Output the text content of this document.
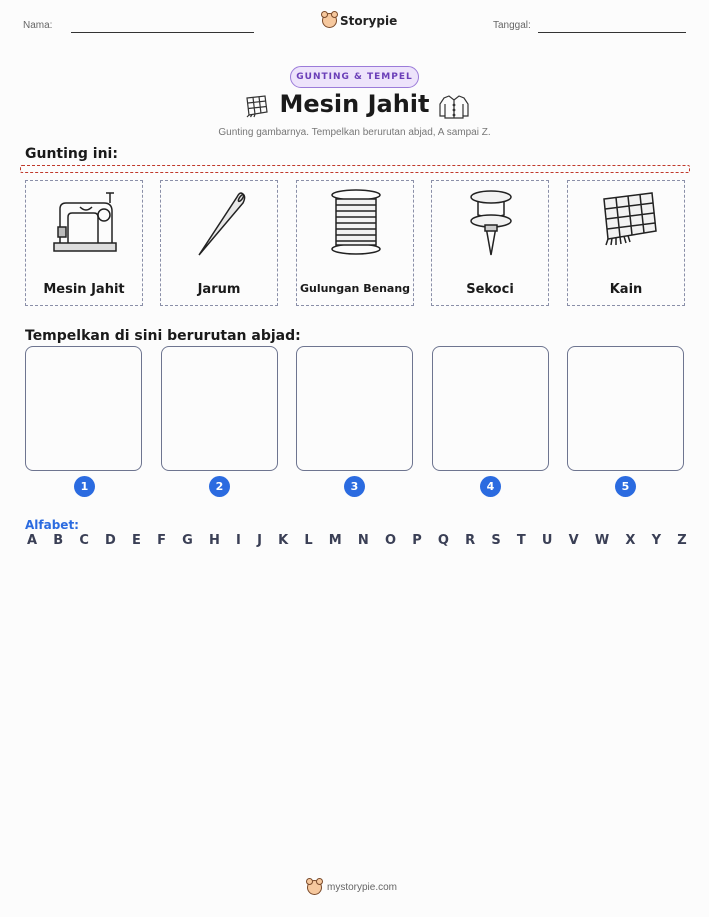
Nama:	Storypie	Tanggal:
GUNTING & TEMPEL
Mesin Jahit
Gunting gambarnya. Tempelkan berurutan abjad, A sampai Z.
Gunting ini:
Mesin Jahit	Jarum	Gulungan Benang	Sekoci	Kain
Tempelkan di sini berurutan abjad:
1	2	3	4	5
Alfabet:
A B C D E F G H I J K L M N O P Q R S T U V W X Y Z
mystorypie.com
